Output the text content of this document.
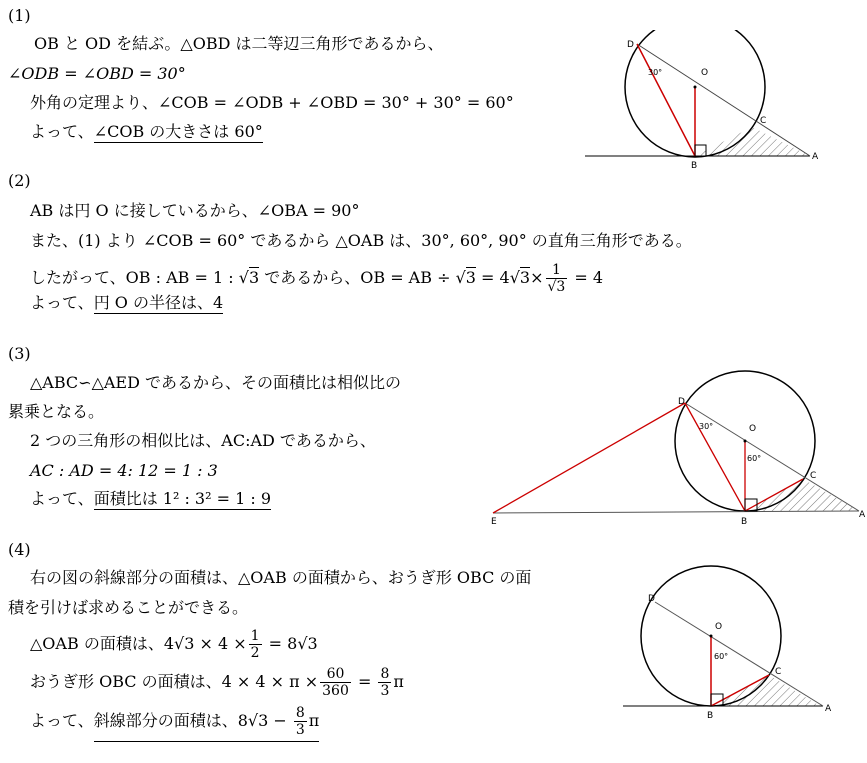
(1)
OB と OD を結ぶ。△OBD は二等辺三角形であるから、
∠ODB = ∠OBD = 30°
外角の定理より、∠COB = ∠ODB + ∠OBD = 30° + 30° = 60°
よって、∠COB の大きさは 60°
(2)
AB は円 O に接しているから、∠OBA = 90°
また、(1) より ∠COB = 60° であるから △OAB は、30°, 60°, 90° の直角三角形である。
したがって、OB : AB = 1 : √3 であるから、OB = AB ÷ $√3 = 4√3\times \frac{1}{√3} = 4$
よって、円 O の半径は、4
(3)
△ABC∽△AED であるから、その面積比は相似比の
累乗となる。
2 つの三角形の相似比は、AC:AD であるから、
AC : AD = 4: 12 = 1 : 3
よって、面積比は 1² : 3² = 1 : 9
(4)
右の図の斜線部分の面積は、△OAB の面積から、おうぎ形 OBC の面
積を引けば求めることができる。
△OAB の面積は、$4√3 \times 4 \times \frac{1}{2} = 8√3$
おうぎ形 OBC の面積は、$4 \times 4 \times \pi \times \frac{60}{360} = \frac{8}{3}$ π
よって、斜線部分の面積は、$8√3 - \frac{8}{3}$ π
D
O
C
B
A
30°
D
O
C
B
A
E
30°
60°
D
O
C
B
A
60°
